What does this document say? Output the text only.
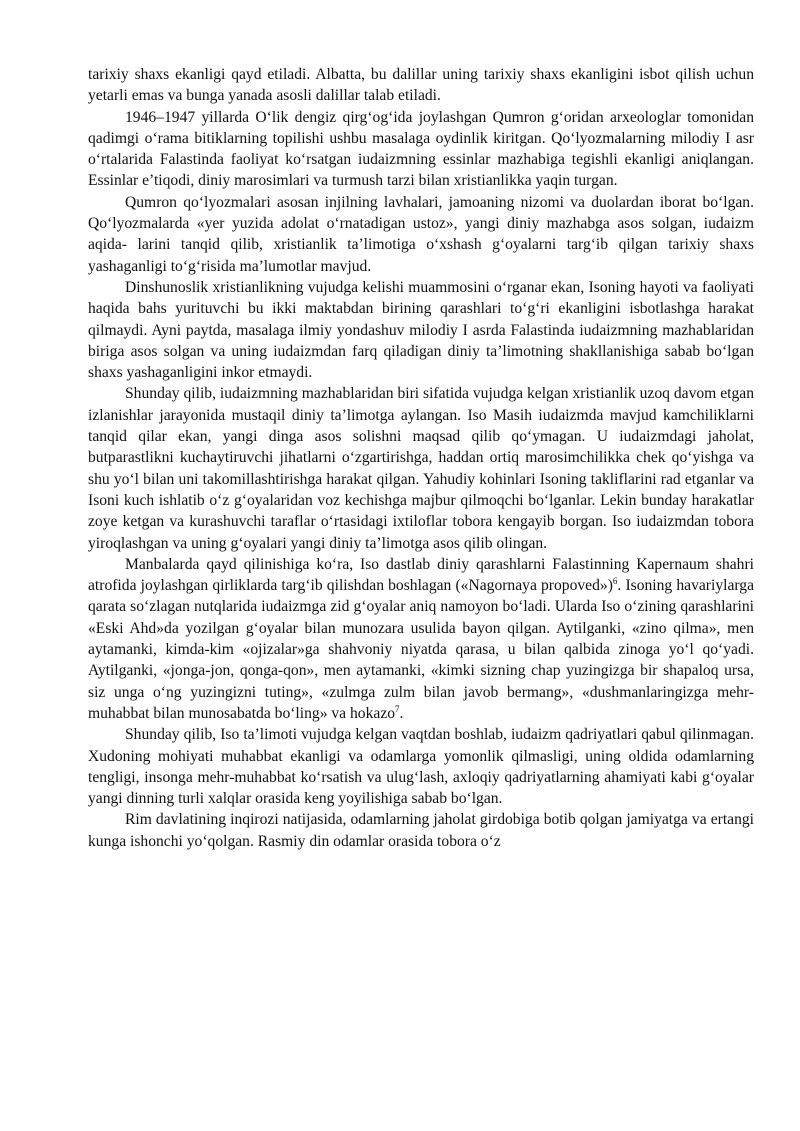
tarixiy shaxs ekanligi qayd etiladi. Albatta, bu dalillar uning tarixiy shaxs ekanligini isbot qilish uchun yetarli emas va bunga yanada asosli dalillar talab etiladi.

1946–1947 yillarda O‘lik dengiz qirg‘og‘ida joylashgan Qumron g‘oridan arxeologlar tomonidan qadimgi o‘rama bitiklarning topilishi ushbu masalaga oydinlik kiritgan. Qo‘lyozmalarning milodiy I asr o‘rtalarida Falastinda faoliyat ko‘rsatgan iudaizmning essinlar mazhabiga tegishli ekanligi aniqlangan. Essinlar e’tiqodi, diniy marosimlari va turmush tarzi bilan xristianlikka yaqin turgan.

Qumron qo‘lyozmalari asosan injilning lavhalari, jamoaning nizomi va duolardan iborat bo‘lgan. Qo‘lyozmalarda «yer yuzida adolat o‘rnatadigan ustoz», yangi diniy mazhabga asos solgan, iudaizm aqida- larini tanqid qilib, xristianlik ta’limotiga o‘xshash g‘oyalarni targ‘ib qilgan tarixiy shaxs yashaganligi to‘g‘risida ma’lumotlar mavjud.

Dinshunoslik xristianlikning vujudga kelishi muammosini o‘rganar ekan, Isoning hayoti va faoliyati haqida bahs yurituvchi bu ikki maktabdan birining qarashlari to‘g‘ri ekanligini isbotlashga harakat qilmaydi. Ayni paytda, masalaga ilmiy yondashuv milodiy I asrda Falastinda iudaizmning mazhablaridan biriga asos solgan va uning iudaizmdan farq qiladigan diniy ta’limotning shakllanishiga sabab bo‘lgan shaxs yashaganligini inkor etmaydi.

Shunday qilib, iudaizmning mazhablaridan biri sifatida vujudga kelgan xristianlik uzoq davom etgan izlanishlar jarayonida mustaqil diniy ta’limotga aylangan. Iso Masih iudaizmda mavjud kamchiliklarni tanqid qilar ekan, yangi dinga asos solishni maqsad qilib qo‘ymagan. U iudaizmdagi jaholat, butparastlikni kuchaytiruvchi jihatlarni o‘zgartirishga, haddan ortiq marosimchilikka chek qo‘yishga va shu yo‘l bilan uni takomillashtirishga harakat qilgan. Yahudiy kohinlari Isoning takliflarini rad etganlar va Isoni kuch ishlatib o‘z g‘oyalaridan voz kechishga majbur qilmoqchi bo‘lganlar. Lekin bunday harakatlar zoye ketgan va kurashuvchi taraflar o‘rtasidagi ixtiloflar tobora kengayib borgan. Iso iudaizmdan tobora yiroqlashgan va uning g‘oyalari yangi diniy ta’limotga asos qilib olingan.

Manbalarda qayd qilinishiga ko‘ra, Iso dastlab diniy qarashlarni Falastinning Kapernaum shahri atrofida joylashgan qirliklarda targ‘ib qilishdan boshlagan («Nagornaya propoved»)$^6$. Isoning havariylarga qarata so‘zlagan nutqlarida iudaizmga zid g‘oyalar aniq namoyon bo‘ladi. Ularda Iso o‘zining qarashlarini «Eski Ahd»da yozilgan g‘oyalar bilan munozara usulida bayon qilgan. Aytilganki, «zino qilma», men aytamanki, kimda-kim «ojizalar»ga shahvoniy niyatda qarasa, u bilan qalbida zinoga yo‘l qo‘yadi. Aytilganki, «jonga-jon, qonga-qon», men aytamanki, «kimki sizning chap yuzingizga bir shapaloq ursa, siz unga o‘ng yuzingizni tuting», «zulmga zulm bilan javob bermang», «dushmanlaringizga mehr- muhabbat bilan munosabatda bo‘ling» va hokazo$^7$.

Shunday qilib, Iso ta’limoti vujudga kelgan vaqtdan boshlab, iudaizm qadriyatlari qabul qilinmagan. Xudoning mohiyati muhabbat ekanligi va odamlarga yomonlik qilmasligi, uning oldida odamlarning tengligi, insonga mehr-muhabbat ko‘rsatish va ulug‘lash, axloqiy qadriyatlarning ahamiyati kabi g‘oyalar yangi dinning turli xalqlar orasida keng yoyilishiga sabab bo‘lgan.

Rim davlatining inqirozi natijasida, odamlarning jaholat girdobiga botib qolgan jamiyatga va ertangi kunga ishonchi yo‘qolgan. Rasmiy din odamlar orasida tobora o‘z
